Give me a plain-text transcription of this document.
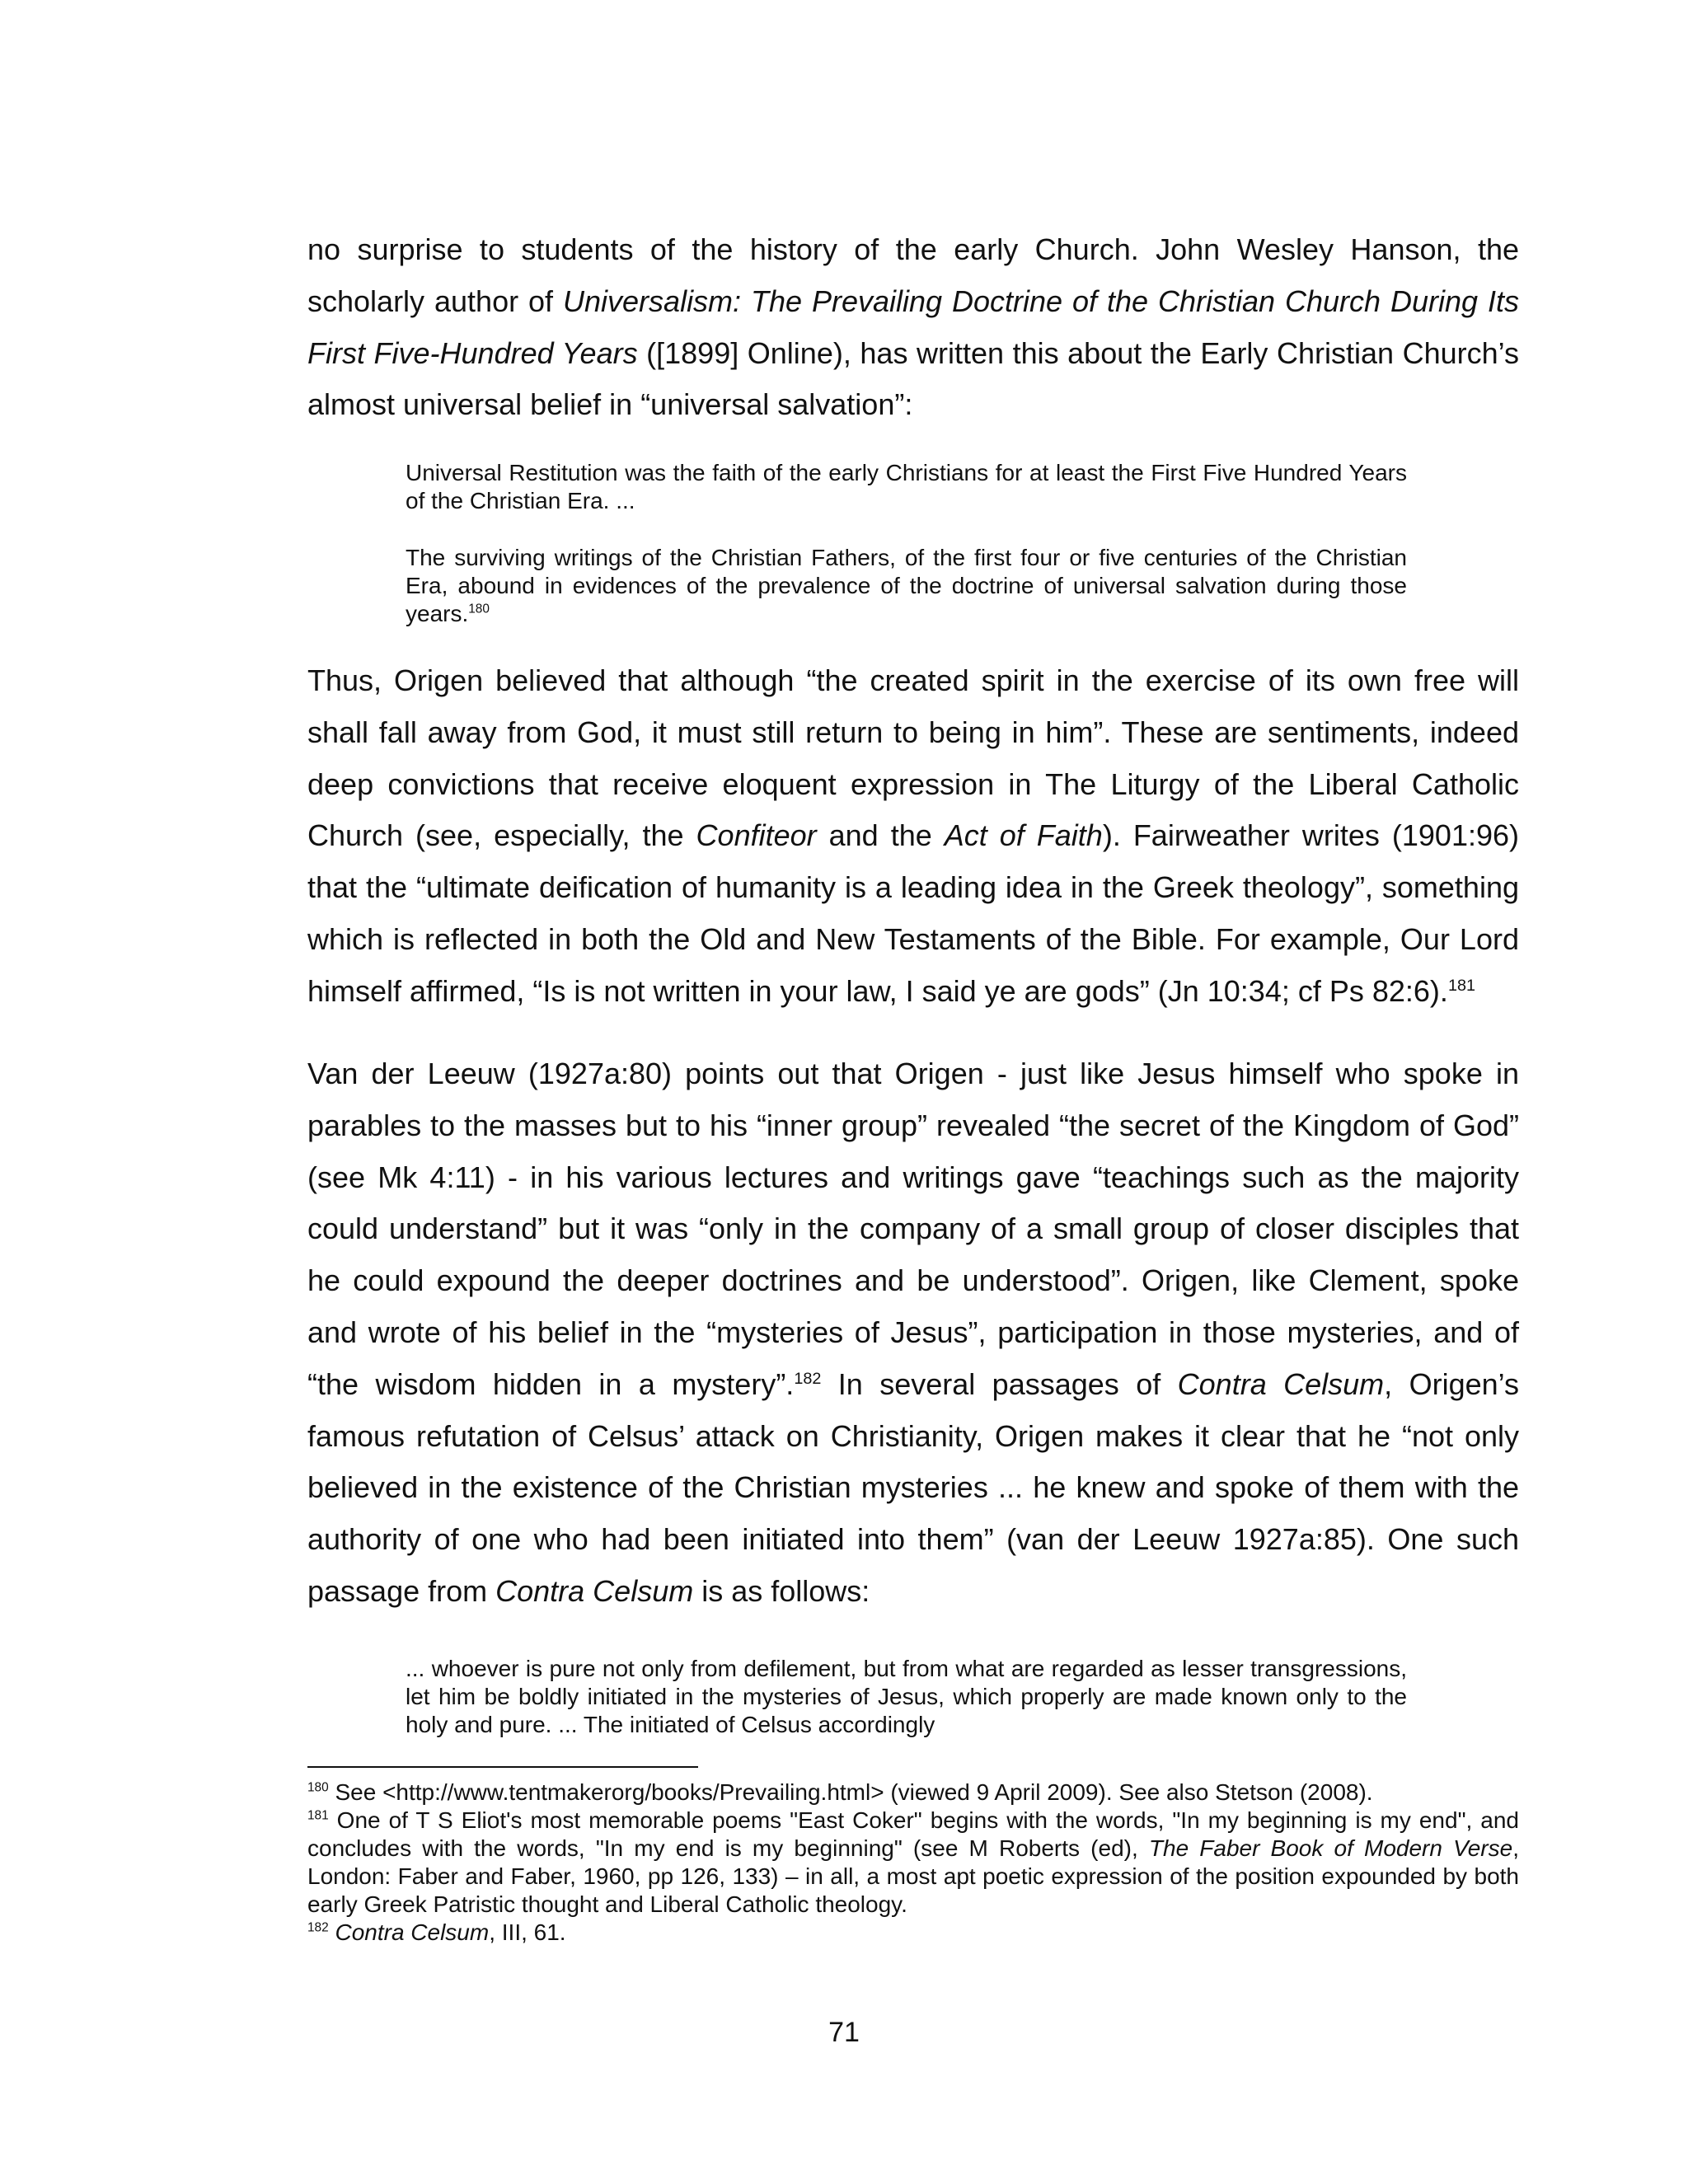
no surprise to students of the history of the early Church. John Wesley Hanson, the scholarly author of Universalism: The Prevailing Doctrine of the Christian Church During Its First Five-Hundred Years ([1899] Online), has written this about the Early Christian Church’s almost universal belief in “universal salvation”:

Universal Restitution was the faith of the early Christians for at least the First Five Hundred Years of the Christian Era. ...

The surviving writings of the Christian Fathers, of the first four or five centuries of the Christian Era, abound in evidences of the prevalence of the doctrine of universal salvation during those years.$^{180}$

Thus, Origen believed that although “the created spirit in the exercise of its own free will shall fall away from God, it must still return to being in him”. These are sentiments, indeed deep convictions that receive eloquent expression in The Liturgy of the Liberal Catholic Church (see, especially, the Confiteor and the Act of Faith). Fairweather writes (1901:96) that the “ultimate deification of humanity is a leading idea in the Greek theology”, something which is reflected in both the Old and New Testaments of the Bible. For example, Our Lord himself affirmed, “Is is not written in your law, I said ye are gods” (Jn 10:34; cf Ps 82:6).$^{181}$

Van der Leeuw (1927a:80) points out that Origen - just like Jesus himself who spoke in parables to the masses but to his “inner group” revealed “the secret of the Kingdom of God” (see Mk 4:11) - in his various lectures and writings gave “teachings such as the majority could understand” but it was “only in the company of a small group of closer disciples that he could expound the deeper doctrines and be understood”. Origen, like Clement, spoke and wrote of his belief in the “mysteries of Jesus”, participation in those mysteries, and of “the wisdom hidden in a mystery”.$^{182}$ In several passages of Contra Celsum, Origen’s famous refutation of Celsus’ attack on Christianity, Origen makes it clear that he “not only believed in the existence of the Christian mysteries ... he knew and spoke of them with the authority of one who had been initiated into them” (van der Leeuw 1927a:85). One such passage from Contra Celsum is as follows:

... whoever is pure not only from defilement, but from what are regarded as lesser transgressions, let him be boldly initiated in the mysteries of Jesus, which properly are made known only to the holy and pure. ... The initiated of Celsus accordingly

$^{180}$ See <http://www.tentmakerorg/books/Prevailing.html> (viewed 9 April 2009). See also Stetson (2008).

$^{181}$ One of T S Eliot's most memorable poems "East Coker" begins with the words, "In my beginning is my end", and concludes with the words, "In my end is my beginning" (see M Roberts (ed), The Faber Book of Modern Verse, London: Faber and Faber, 1960, pp 126, 133) – in all, a most apt poetic expression of the position expounded by both early Greek Patristic thought and Liberal Catholic theology.

$^{182}$ Contra Celsum, III, 61.

71
